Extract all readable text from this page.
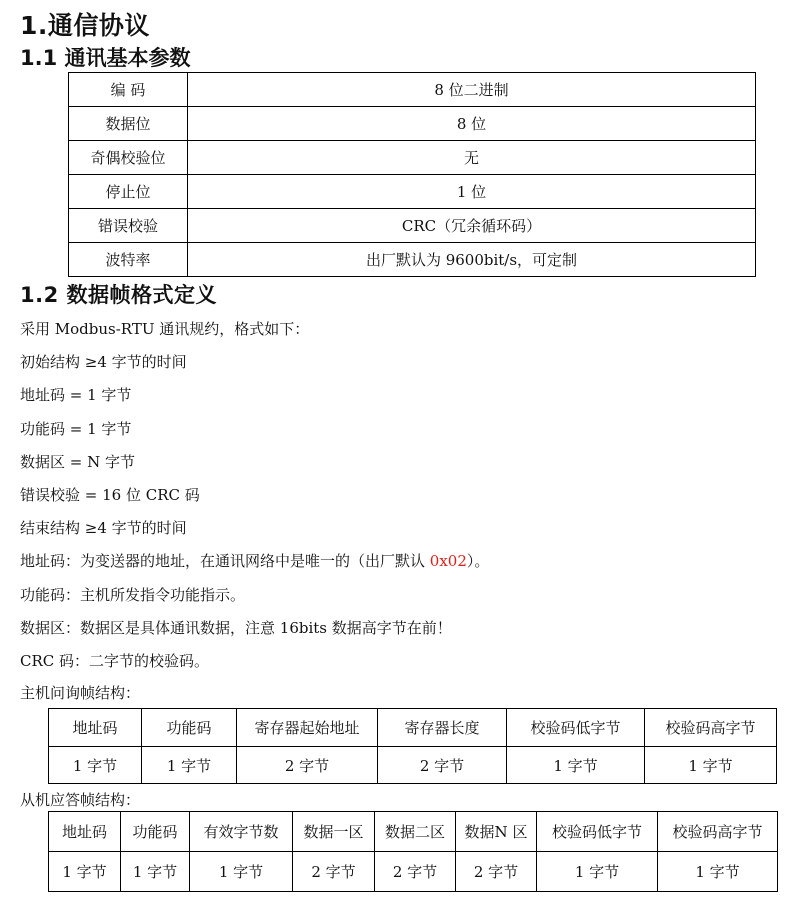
1.通信协议
1.1 通讯基本参数
编 码	8 位二进制
数据位	8 位
奇偶校验位	无
停止位	1 位
错误校验	CRC（冗余循环码）
波特率	出厂默认为 9600bit/s，可定制
1.2 数据帧格式定义
采用 Modbus-RTU 通讯规约，格式如下：
初始结构 ≥4 字节的时间
地址码 = 1 字节
功能码 = 1 字节
数据区 = N 字节
错误校验 = 16 位 CRC 码
结束结构 ≥4 字节的时间
地址码：为变送器的地址，在通讯网络中是唯一的（出厂默认 0x02）。
功能码：主机所发指令功能指示。
数据区：数据区是具体通讯数据，注意 16bits 数据高字节在前！
CRC 码：二字节的校验码。
主机问询帧结构：
地址码	功能码	寄存器起始地址	寄存器长度	校验码低字节	校验码高字节
1 字节	1 字节	2 字节	2 字节	1 字节	1 字节
从机应答帧结构：
地址码	功能码	有效字节数	数据一区	数据二区	数据N 区	校验码低字节	校验码高字节
1 字节	1 字节	1 字节	2 字节	2 字节	2 字节	1 字节	1 字节
